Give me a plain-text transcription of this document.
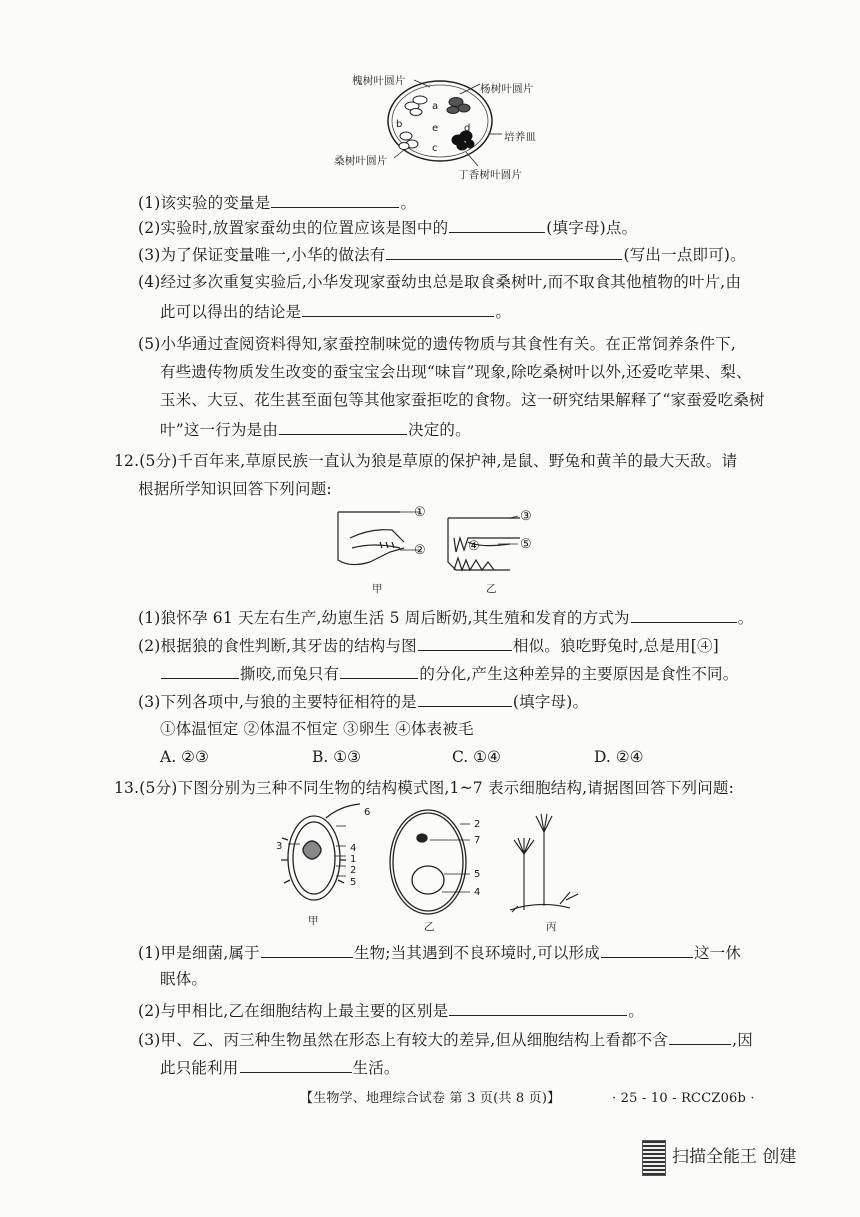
槐树叶圆片
杨树叶圆片
培养皿
桑树叶圆片
丁香树叶圆片
a
b	e	d
c
(1)该实验的变量是	。
(2)实验时,放置家蚕幼虫的位置应该是图中的	(填字母)点。
(3)为了保证变量唯一,小华的做法有	(写出一点即可)。
(4)经过多次重复实验后,小华发现家蚕幼虫总是取食桑树叶,而不取食其他植物的叶片,由
此可以得出的结论是	。
(5)小华通过查阅资料得知,家蚕控制味觉的遗传物质与其食性有关。在正常饲养条件下,
有些遗传物质发生改变的蚕宝宝会出现“味盲”现象,除吃桑树叶以外,还爱吃苹果、梨、
玉米、大豆、花生甚至面包等其他家蚕拒吃的食物。这一研究结果解释了“家蚕爱吃桑树
叶”这一行为是由	决定的。
12.(5分)千百年来,草原民族一直认为狼是草原的保护神,是鼠、野兔和黄羊的最大天敌。请
根据所学知识回答下列问题:
①
②
③
④	⑤
甲	乙
(1)狼怀孕 61 天左右生产,幼崽生活 5 周后断奶,其生殖和发育的方式为	。
(2)根据狼的食性判断,其牙齿的结构与图	相似。狼吃野兔时,总是用[④]
撕咬,而兔只有	的分化,产生这种差异的主要原因是食性不同。
(3)下列各项中,与狼的主要特征相符的是	(填字母)。
①体温恒定 ②体温不恒定 ③卵生 ④体表被毛
A. ②③	B. ①③	C. ①④	D. ②④
13.(5分)下图分别为三种不同生物的结构模式图,1~7 表示细胞结构,请据图回答下列问题:
6
3	4
1
2
5
2
7
5
4
甲	乙	丙
(1)甲是细菌,属于	生物;当其遇到不良环境时,可以形成	这一休
眠体。
(2)与甲相比,乙在细胞结构上最主要的区别是	。
(3)甲、乙、丙三种生物虽然在形态上有较大的差异,但从细胞结构上看都不含	,因
此只能利用	生活。
【生物学、地理综合试卷 第 3 页(共 8 页)】	· 25 - 10 - RCCZ06b ·
扫描全能王 创建
